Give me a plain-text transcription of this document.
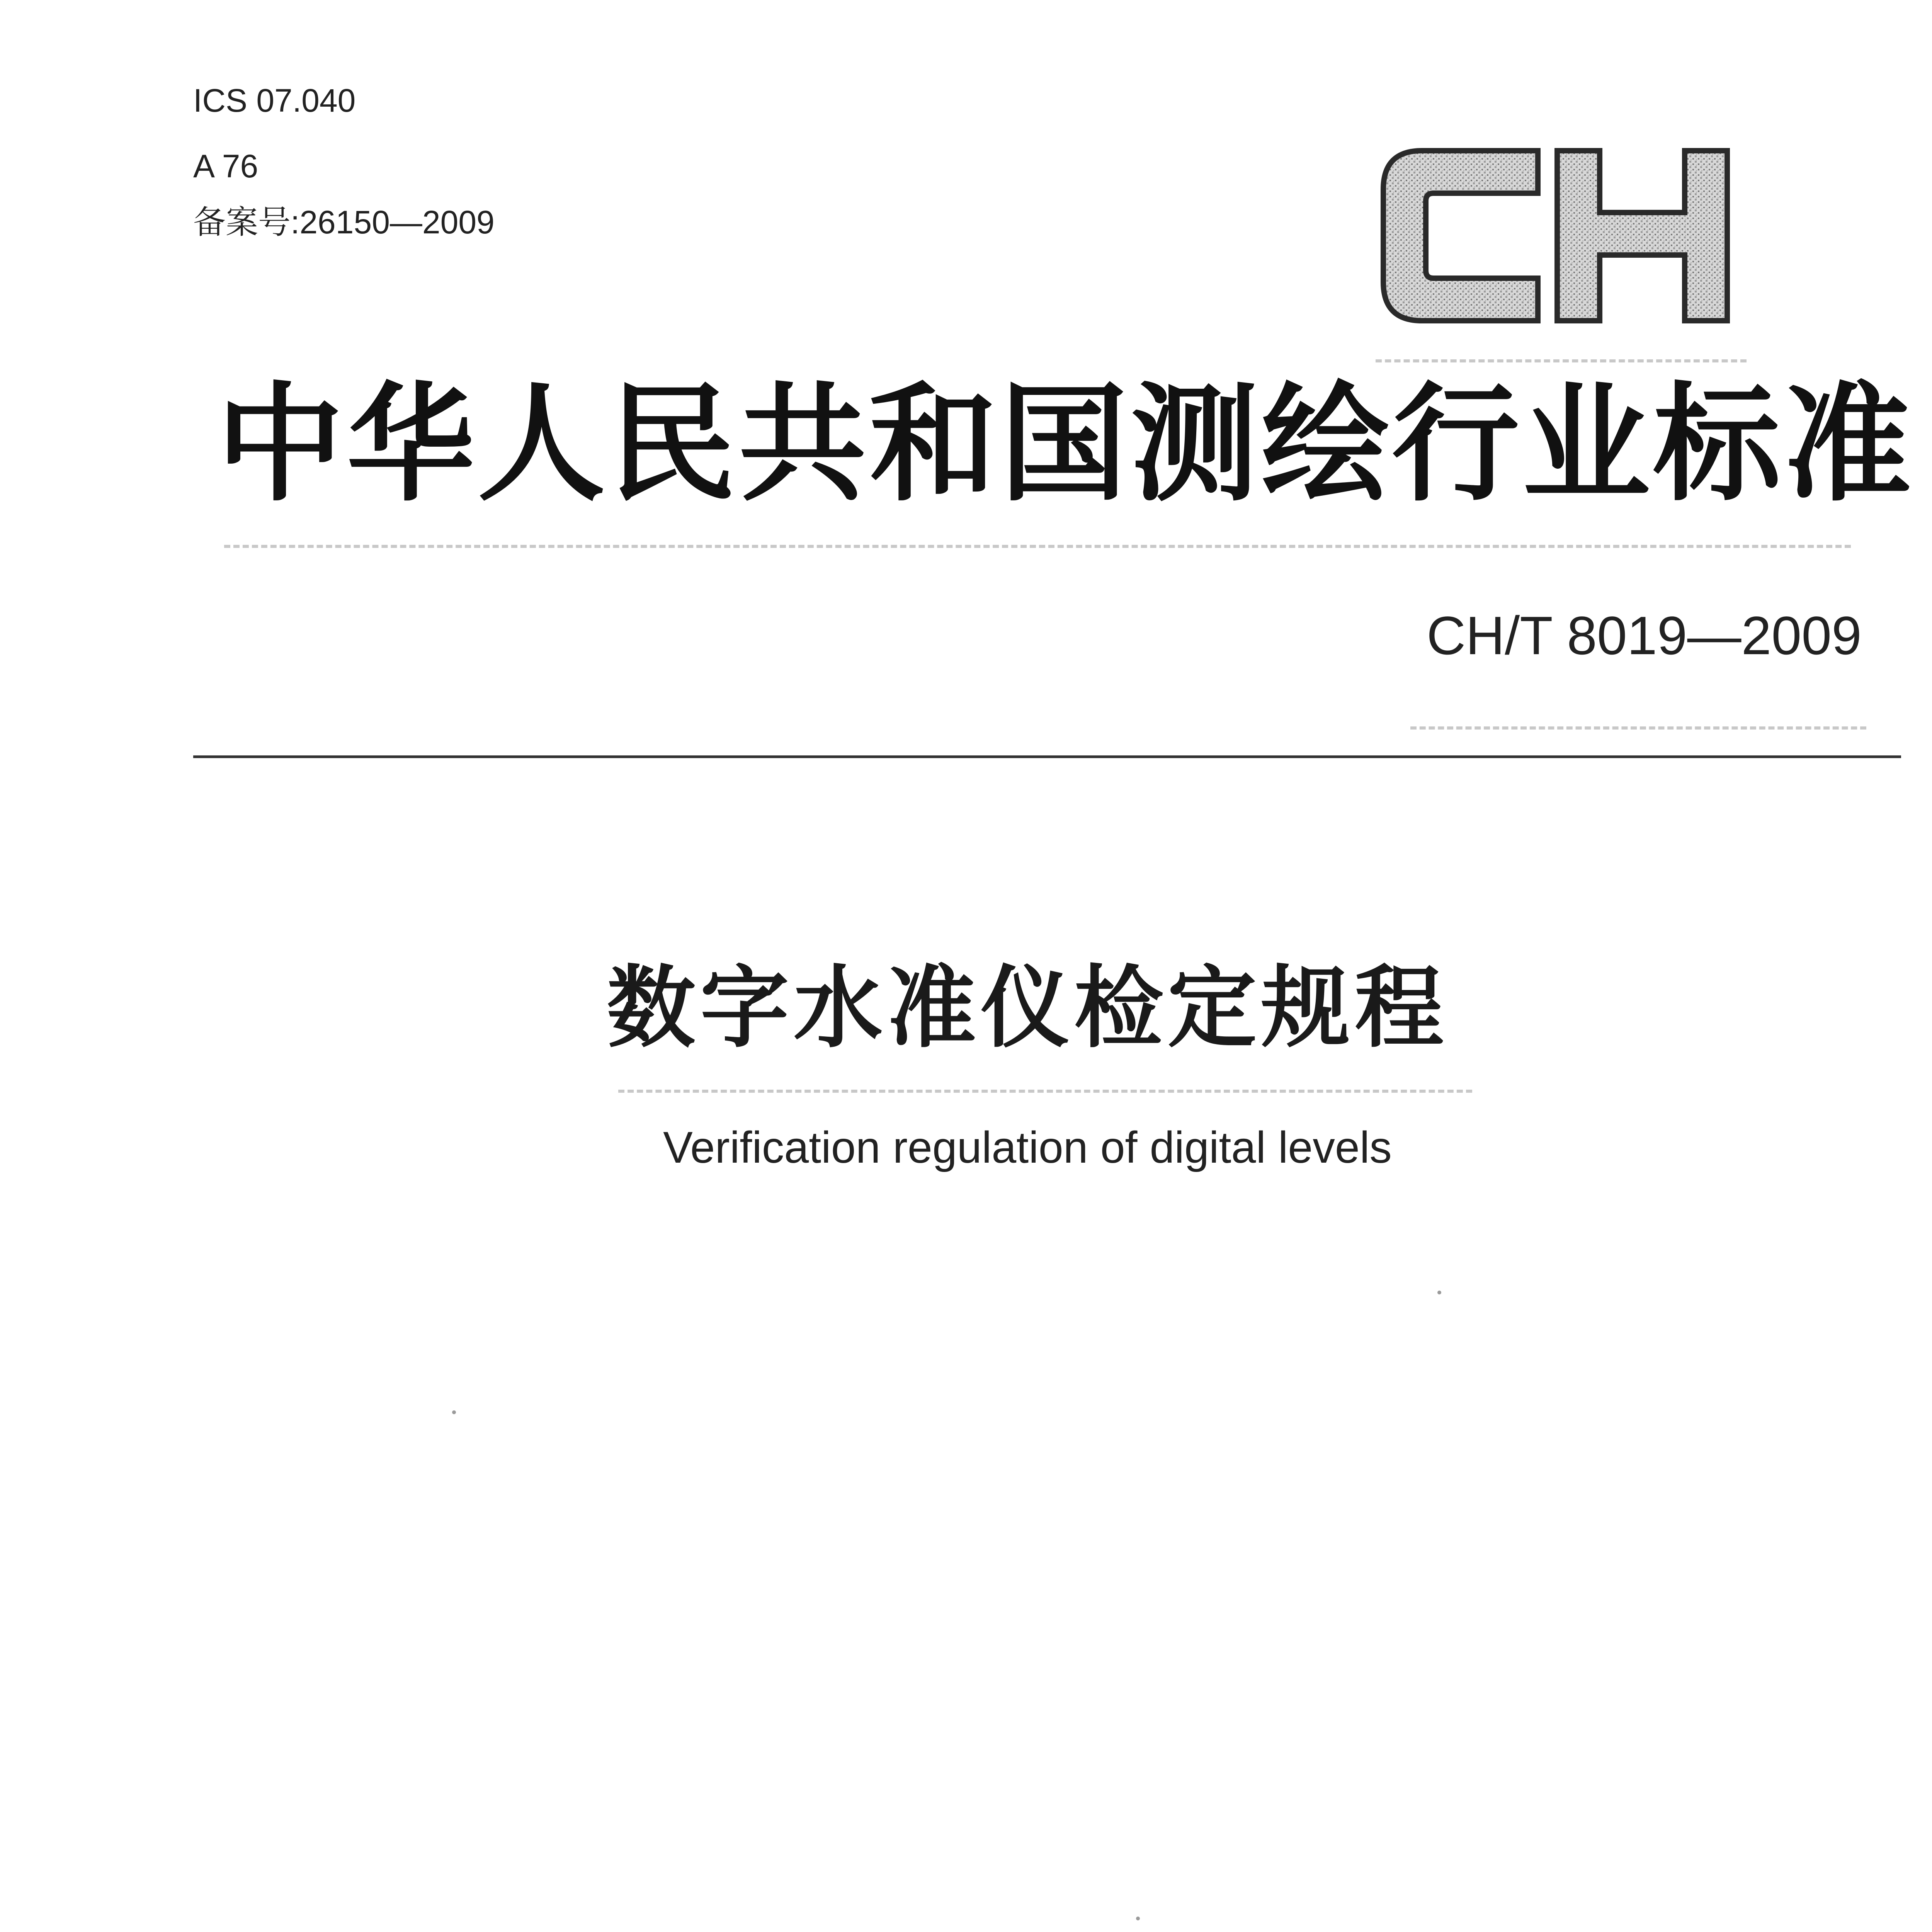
ICS 07.040
A 76
备案号:26150—2009
中华人民共和国测绘行业标准
CH/T 8019—2009
数字水准仪检定规程
Verification regulation of digital levels
